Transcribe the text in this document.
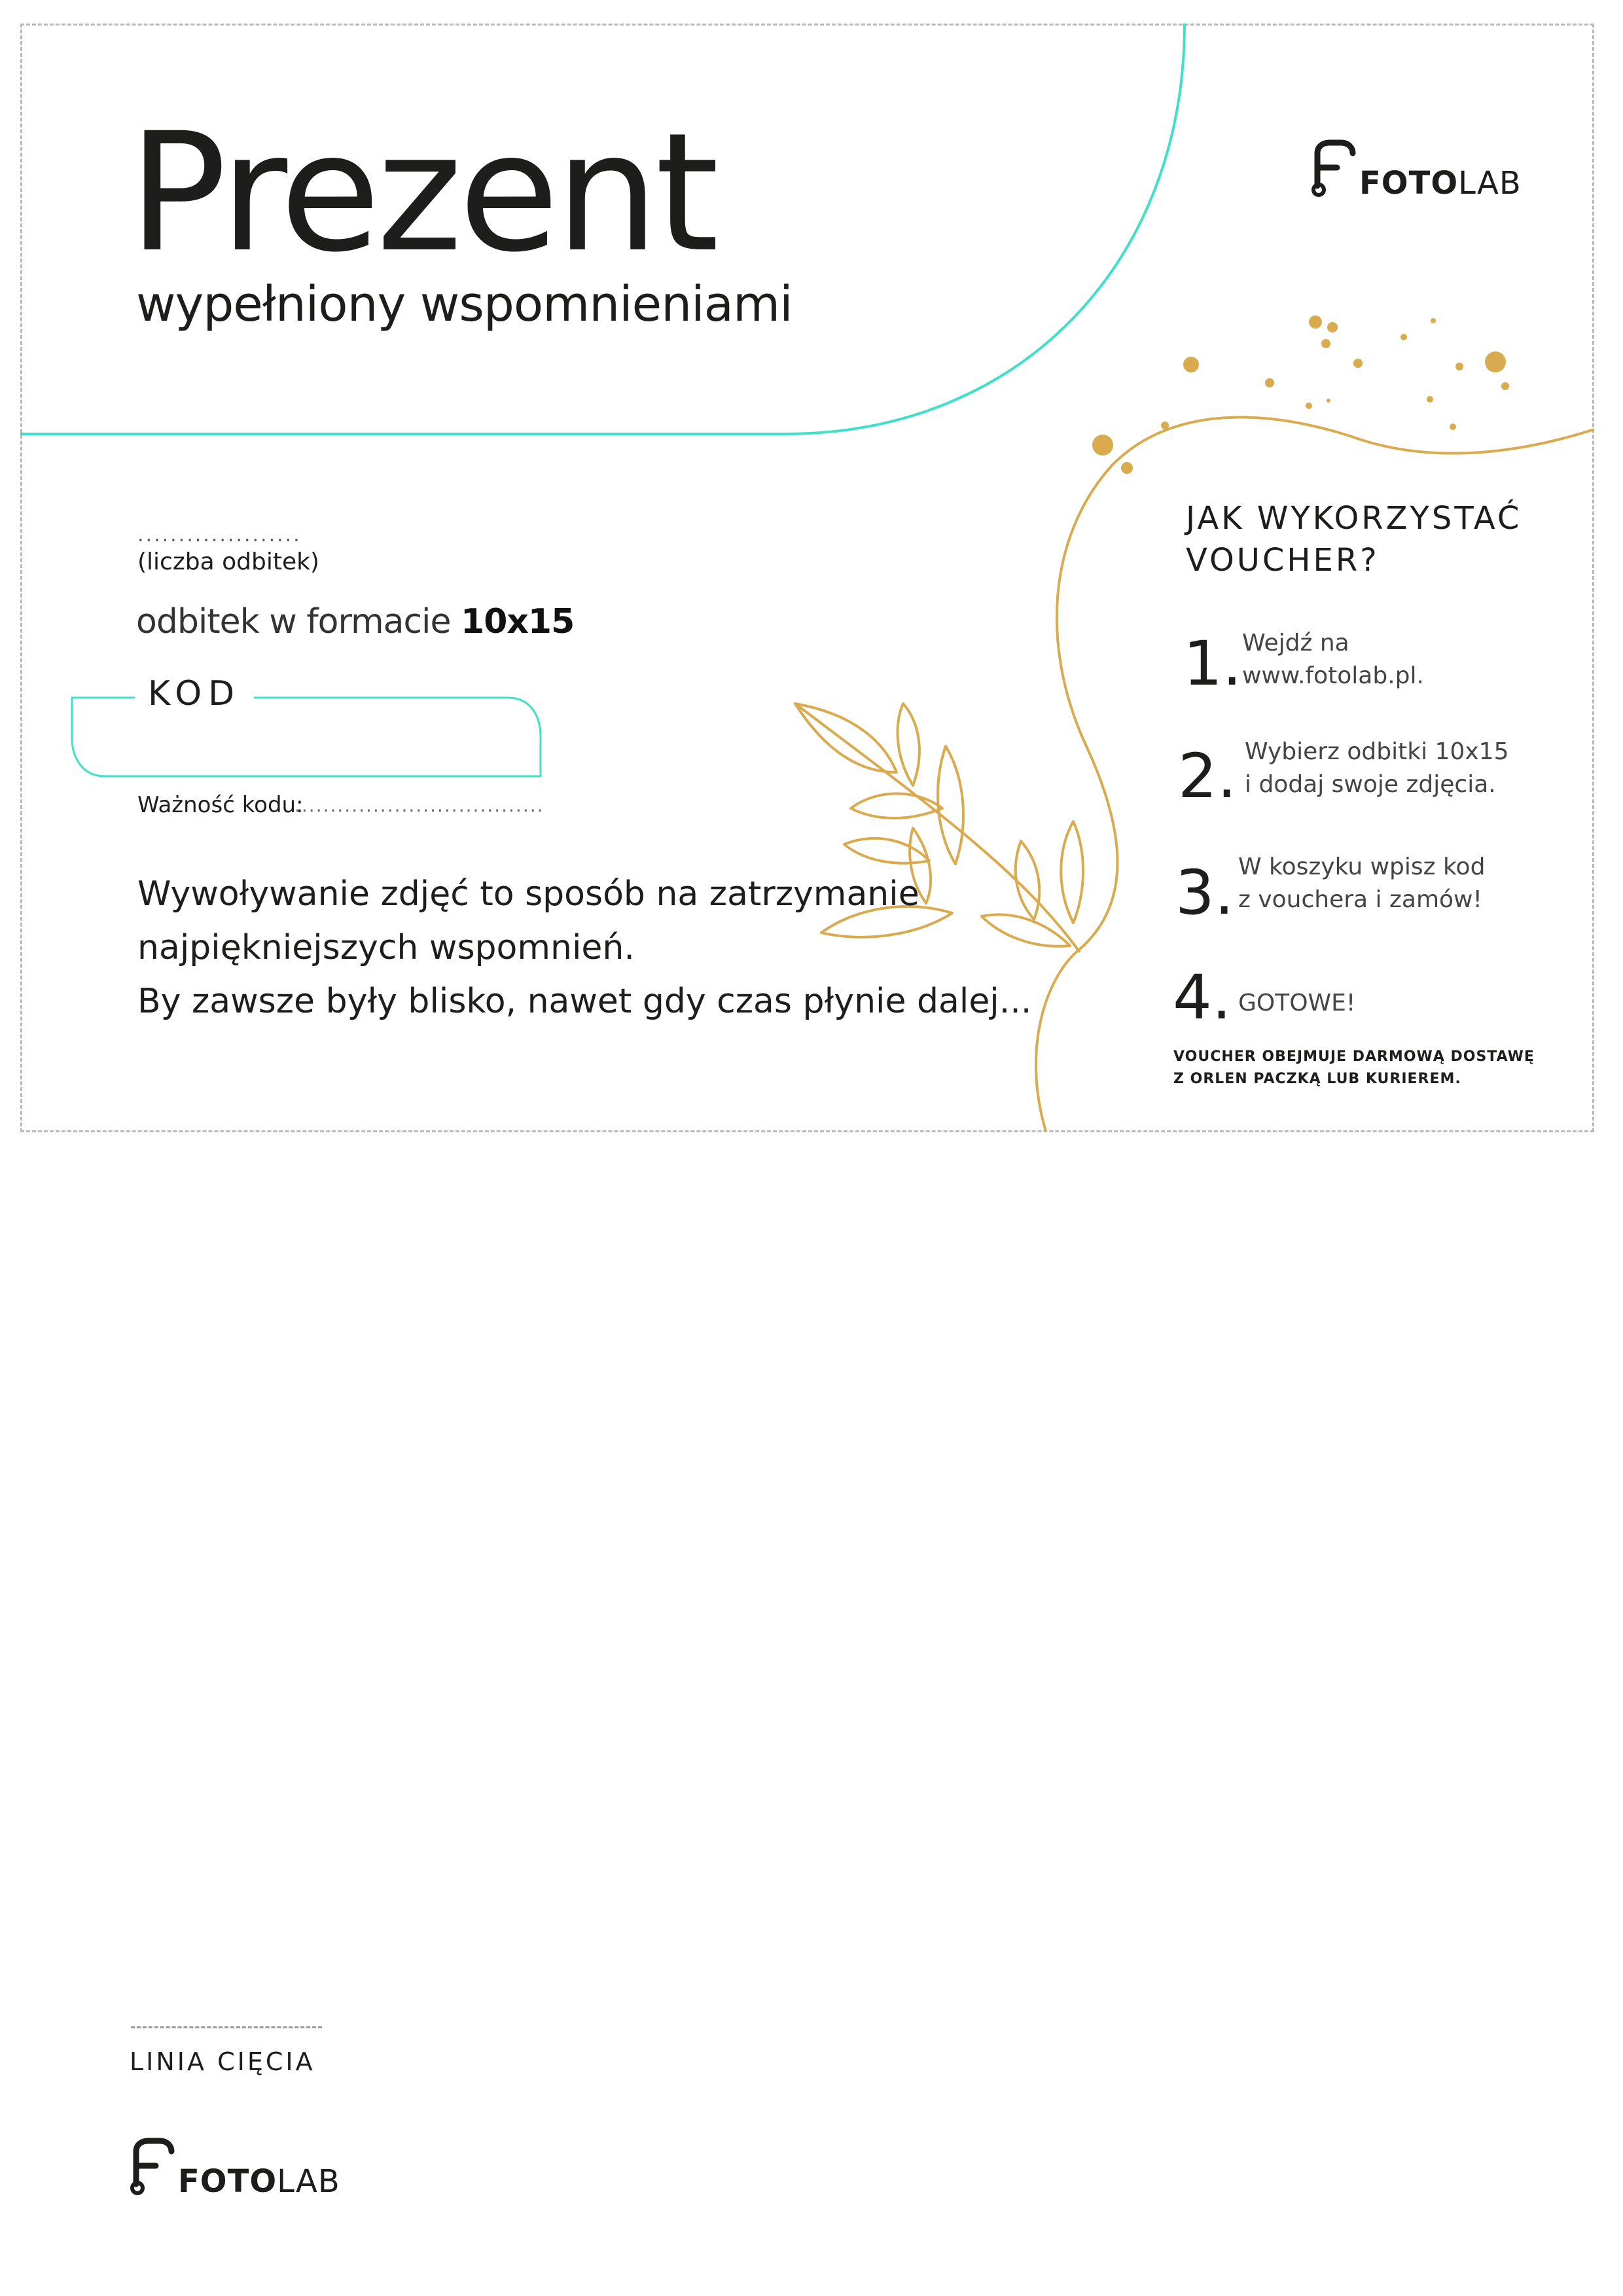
Prezent
wypełniony wspomnieniami
FOTOLAB
....................
(liczba odbitek)
odbitek w formacie 10x15
KOD
Ważność kodu:
...................................
Wywoływanie zdjęć to sposób na zatrzymanie
najpiękniejszych wspomnień.
By zawsze były blisko, nawet gdy czas płynie dalej...
JAK WYKORZYSTAĆ
VOUCHER?
1. Wejdź na
www.fotolab.pl.
2. Wybierz odbitki 10x15
i dodaj swoje zdjęcia.
3. W koszyku wpisz kod
z vouchera i zamów!
4. GOTOWE!
VOUCHER OBEJMUJE DARMOWĄ DOSTAWĘ
Z ORLEN PACZKĄ LUB KURIEREM.
LINIA CIĘCIA
FOTOLAB
